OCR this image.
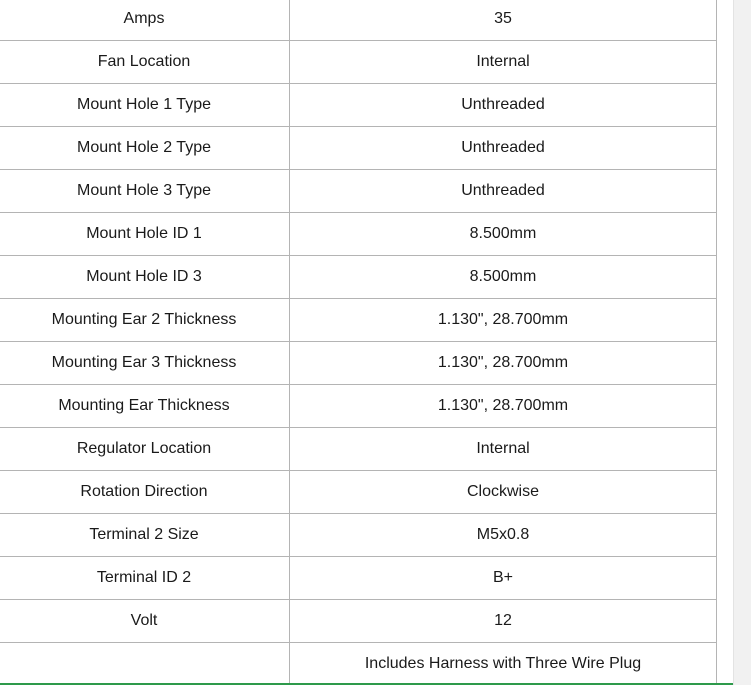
Amps	35
Fan Location	Internal
Mount Hole 1 Type	Unthreaded
Mount Hole 2 Type	Unthreaded
Mount Hole 3 Type	Unthreaded
Mount Hole ID 1	8.500mm
Mount Hole ID 3	8.500mm
Mounting Ear 2 Thickness	1.130", 28.700mm
Mounting Ear 3 Thickness	1.130", 28.700mm
Mounting Ear Thickness	1.130", 28.700mm
Regulator Location	Internal
Rotation Direction	Clockwise
Terminal 2 Size	M5x0.8
Terminal ID 2	B+
Volt	12
	Includes Harness with Three Wire Plug
